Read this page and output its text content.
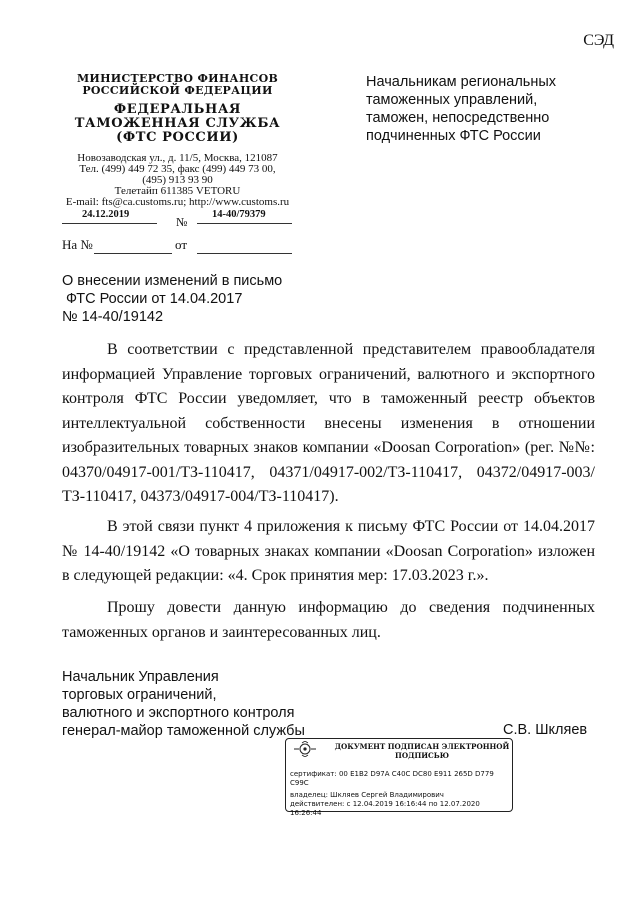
СЭД
МИНИСТЕРСТВО ФИНАНСОВ
РОССИЙСКОЙ ФЕДЕРАЦИИ
ФЕДЕРАЛЬНАЯ
ТАМОЖЕННАЯ СЛУЖБА
(ФТС РОССИИ)
Новозаводская ул., д. 11/5, Москва, 121087
Тел. (499) 449 72 35, факс (499) 449 73 00,
(495) 913 93 90
Телетайп 611385 VETORU
E-mail: fts@ca.customs.ru; http://www.customs.ru
24.12.2019
№
14-40/79379
На №	от
Начальникам региональных
таможенных управлений,
таможен, непосредственно
подчиненных ФТС России
О внесении изменений в письмо
ФТС России от 14.04.2017
№ 14-40/19142
В соответствии с представленной представителем правообладателя информацией Управление торговых ограничений, валютного и экспортного контроля ФТС России уведомляет, что в таможенный реестр объектов интеллектуальной собственности внесены изменения в отношении изобразительных товарных знаков компании «Doosan Corporation» (рег. №№: 04370/04917-001/ТЗ-110417, 04371/04917-002/ТЗ-110417, 04372/04917-003/ТЗ-110417, 04373/04917-004/ТЗ-110417).
В этой связи пункт 4 приложения к письму ФТС России от 14.04.2017 № 14-40/19142 «О товарных знаках компании «Doosan Corporation» изложен в следующей редакции: «4. Срок принятия мер: 17.03.2023 г.».
Прошу довести данную информацию до сведения подчиненных таможенных органов и заинтересованных лиц.
Начальник Управления
торговых ограничений,
валютного и экспортного контроля
генерал-майор таможенной службы	С.В. Шкляев
ДОКУМЕНТ ПОДПИСАН ЭЛЕКТРОННОЙ
ПОДПИСЬЮ
сертификат: 00 E1B2 D97A C40C DC80 E911 265D D779 C99C
владелец: Шкляев Сергей Владимирович
действителен: с 12.04.2019 16:16:44 по 12.07.2020 16:26:44
